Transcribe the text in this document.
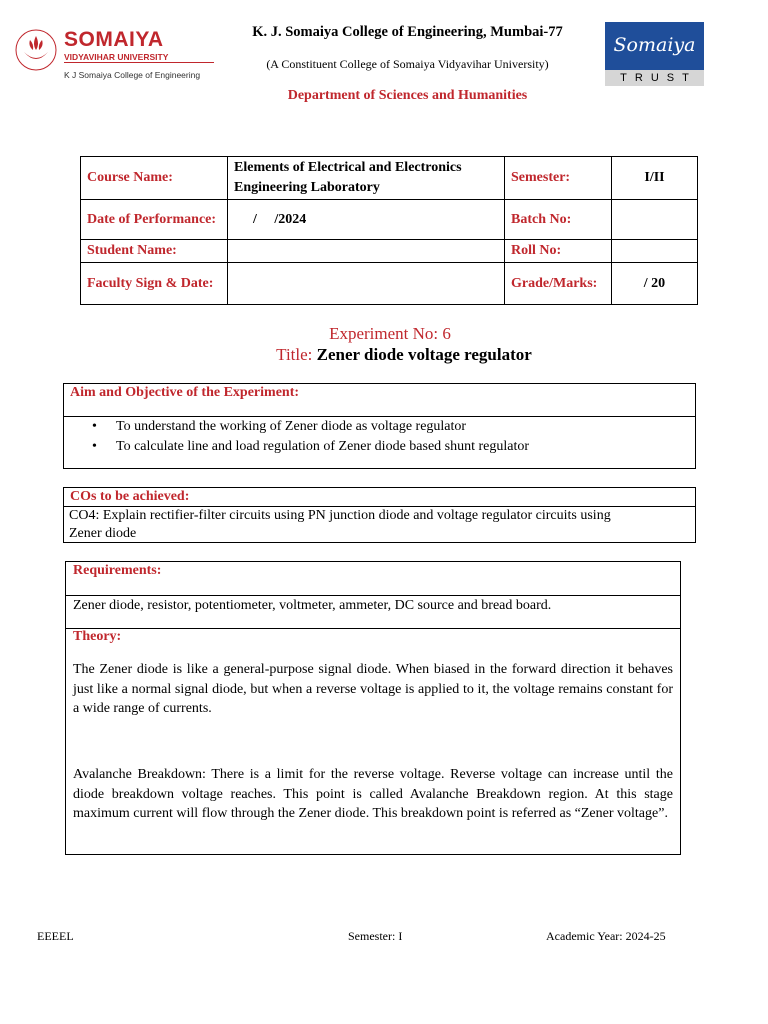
SOMAIYA
VIDYAVIHAR UNIVERSITY
K J Somaiya College of Engineering
K. J. Somaiya College of Engineering, Mumbai-77
(A Constituent College of Somaiya Vidyavihar University)
Department of Sciences and Humanities
Somaiya
TRUST
Course Name:	Elements of Electrical and Electronics Engineering Laboratory	Semester:	I/II
Date of Performance:	/     /2024	Batch No:	
Student Name:		Roll No:	
Faculty Sign & Date:		Grade/Marks:	/ 20
Experiment No: 6
Title: Zener diode voltage regulator
Aim and Objective of the Experiment:
• To understand the working of Zener diode as voltage regulator
• To calculate line and load regulation of Zener diode based shunt regulator
COs to be achieved:
CO4: Explain rectifier-filter circuits using PN junction diode and voltage regulator circuits using Zener diode
Requirements:
Zener diode, resistor, potentiometer, voltmeter, ammeter, DC source and bread board.
Theory:
The Zener diode is like a general-purpose signal diode. When biased in the forward direction it behaves just like a normal signal diode, but when a reverse voltage is applied to it, the voltage remains constant for a wide range of currents.
Avalanche Breakdown: There is a limit for the reverse voltage. Reverse voltage can increase until the diode breakdown voltage reaches. This point is called Avalanche Breakdown region. At this stage maximum current will flow through the Zener diode. This breakdown point is referred as “Zener voltage”.
EEEEL	Semester: I	Academic Year: 2024-25
